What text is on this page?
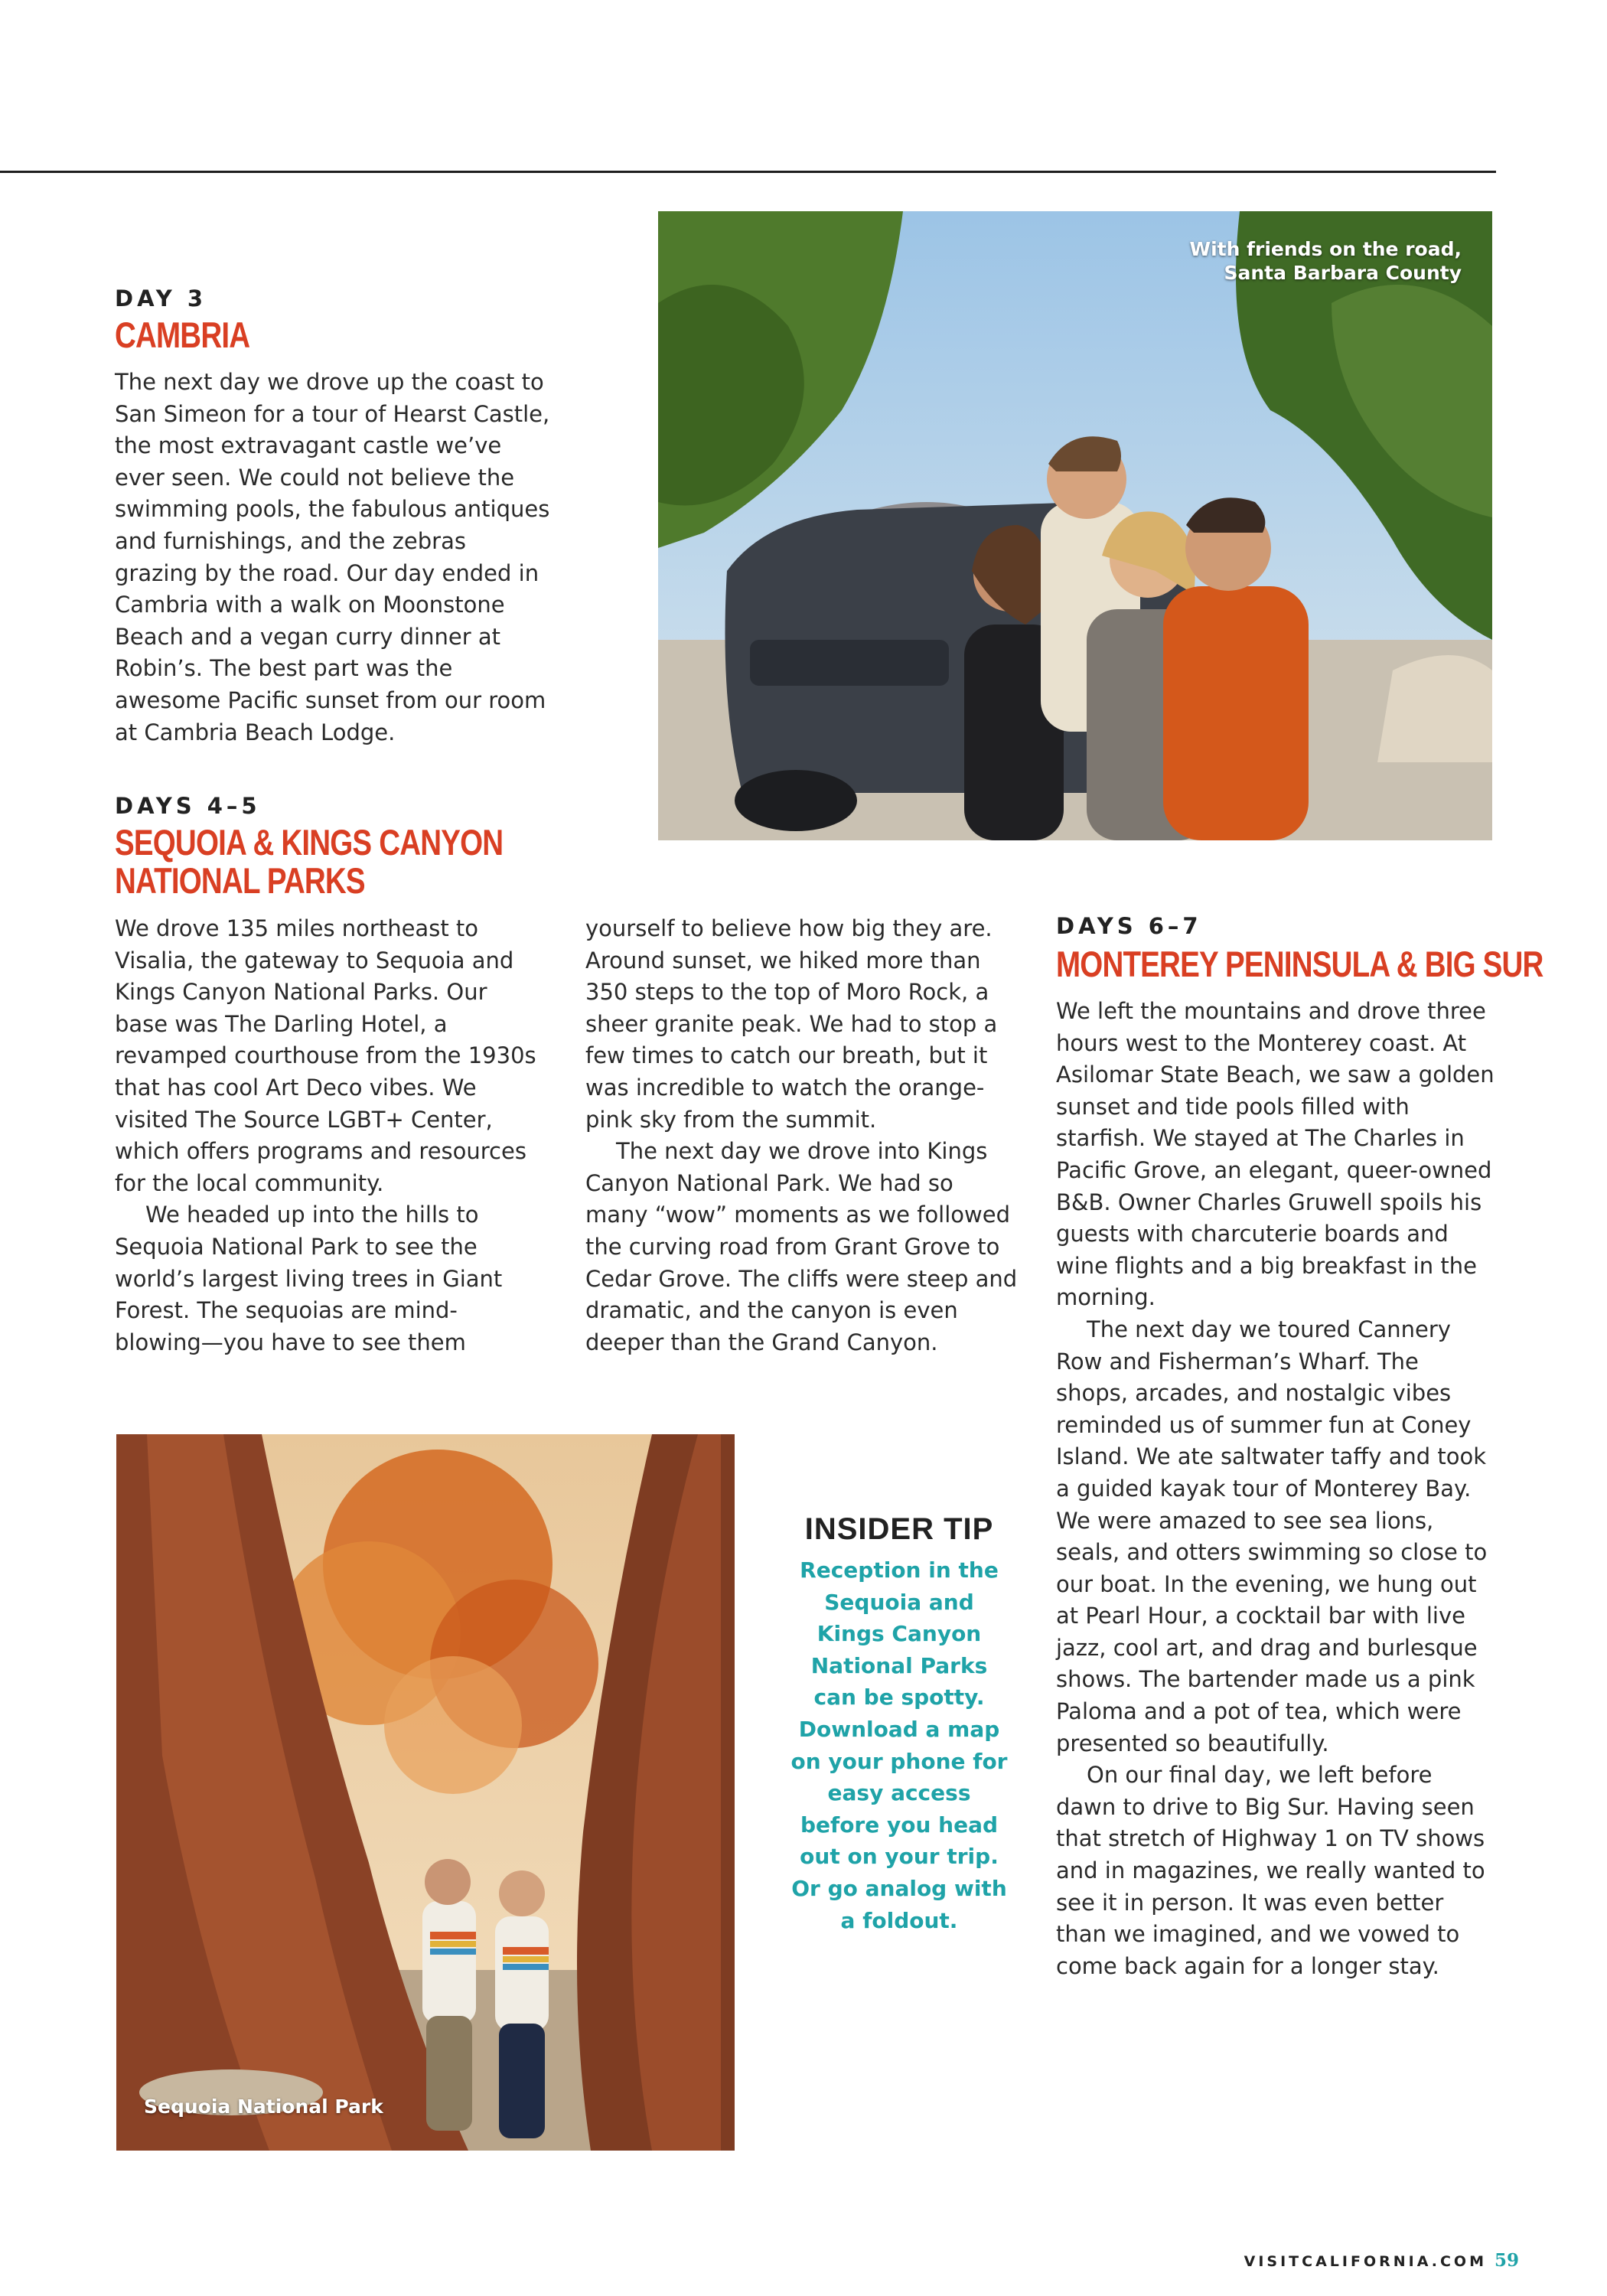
DAY 3
CAMBRIA

The next day we drove up the coast to San Simeon for a tour of Hearst Castle, the most extravagant castle we’ve ever seen. We could not believe the swimming pools, the fabulous antiques and furnishings, and the zebras grazing by the road. Our day ended in Cambria with a walk on Moonstone Beach and a vegan curry dinner at Robin’s. The best part was the awesome Pacific sunset from our room at Cambria Beach Lodge.

DAYS 4–5
SEQUOIA & KINGS CANYON
NATIONAL PARKS

We drove 135 miles northeast to Visalia, the gateway to Sequoia and Kings Canyon National Parks. Our base was The Darling Hotel, a revamped courthouse from the 1930s that has cool Art Deco vibes. We visited The Source LGBT+ Center, which offers programs and resources for the local community.

We headed up into the hills to Sequoia National Park to see the world’s largest living trees in Giant Forest. The sequoias are mind-blowing—you have to see them

yourself to believe how big they are. Around sunset, we hiked more than 350 steps to the top of Moro Rock, a sheer granite peak. We had to stop a few times to catch our breath, but it was incredible to watch the orange-pink sky from the summit.

The next day we drove into Kings Canyon National Park. We had so many “wow” moments as we followed the curving road from Grant Grove to Cedar Grove. The cliffs were steep and dramatic, and the canyon is even deeper than the Grand Canyon.

DAYS 6–7
MONTEREY PENINSULA & BIG SUR

We left the mountains and drove three hours west to the Monterey coast. At Asilomar State Beach, we saw a golden sunset and tide pools filled with starfish. We stayed at The Charles in Pacific Grove, an elegant, queer-owned B&B. Owner Charles Gruwell spoils his guests with charcuterie boards and wine flights and a big breakfast in the morning.

The next day we toured Cannery Row and Fisherman’s Wharf. The shops, arcades, and nostalgic vibes reminded us of summer fun at Coney Island. We ate saltwater taffy and took a guided kayak tour of Monterey Bay. We were amazed to see sea lions, seals, and otters swimming so close to our boat. In the evening, we hung out at Pearl Hour, a cocktail bar with live jazz, cool art, and drag and burlesque shows. The bartender made us a pink Paloma and a pot of tea, which were presented so beautifully.

On our final day, we left before dawn to drive to Big Sur. Having seen that stretch of Highway 1 on TV shows and in magazines, we really wanted to see it in person. It was even better than we imagined, and we vowed to come back again for a longer stay.

With friends on the road,
Santa Barbara County
Sequoia National Park
INSIDER TIP
Reception in the Sequoia and Kings Canyon National Parks can be spotty. Download a map on your phone for easy access before you head out on your trip. Or go analog with a foldout.
VISITCALIFORNIA.COM 59
